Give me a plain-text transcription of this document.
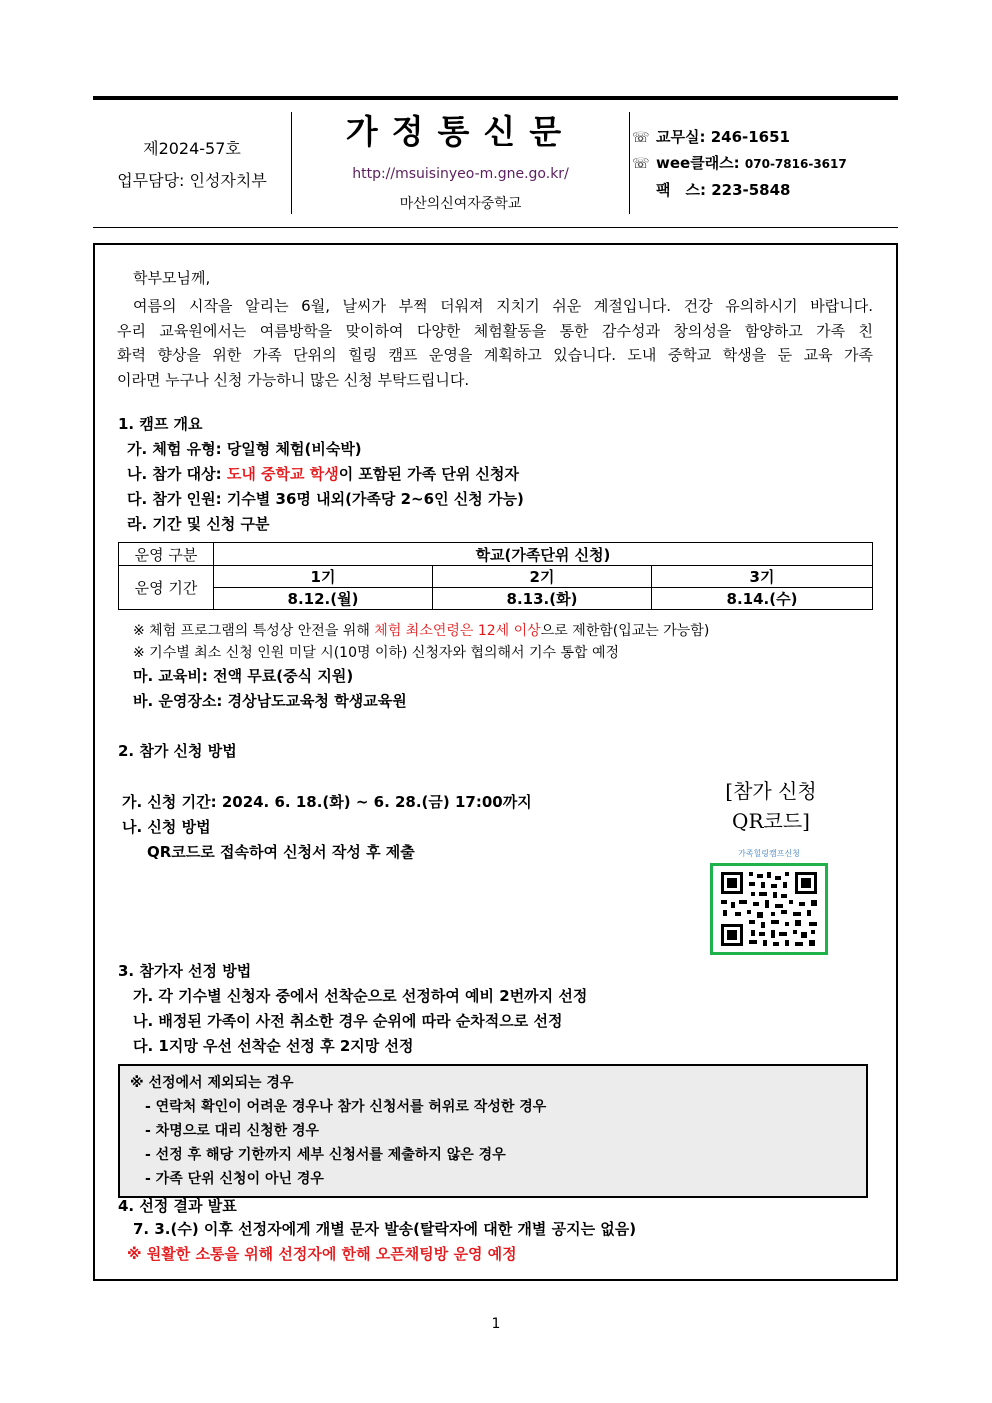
제2024-57호
업무담당: 인성자치부
가정통신문
http://msuisinyeo-m.gne.go.kr/
마산의신여자중학교
☏ 교무실: 246-1651
☏ wee클래스: 070-7816-3617
팩　스: 223-5848
학부모님께,
여름의 시작을 알리는 6월, 날씨가 부쩍 더워져 지치기 쉬운 계절입니다. 건강 유의하시기 바랍니다.
우리 교육원에서는 여름방학을 맞이하여 다양한 체험활동을 통한 감수성과 창의성을 함양하고 가족 친
화력 향상을 위한 가족 단위의 힐링 캠프 운영을 계획하고 있습니다. 도내 중학교 학생을 둔 교육 가족
이라면 누구나 신청 가능하니 많은 신청 부탁드립니다.
1. 캠프 개요
가. 체험 유형: 당일형 체험(비숙박)
나. 참가 대상: 도내 중학교 학생이 포함된 가족 단위 신청자
다. 참가 인원: 기수별 36명 내외(가족당 2~6인 신청 가능)
라. 기간 및 신청 구분
운영 구분	학교(가족단위 신청)		
운영 기간	1기	2기	3기
	8.12.(월)	8.13.(화)	8.14.(수)
※ 체험 프로그램의 특성상 안전을 위해 체험 최소연령은 12세 이상으로 제한함(입교는 가능함)
※ 기수별 최소 신청 인원 미달 시(10명 이하) 신청자와 협의해서 기수 통합 예정
마. 교육비: 전액 무료(중식 지원)
바. 운영장소: 경상남도교육청 학생교육원
2. 참가 신청 방법
가. 신청 기간: 2024. 6. 18.(화) ~ 6. 28.(금) 17:00까지
나. 신청 방법
QR코드로 접속하여 신청서 작성 후 제출
[참가 신청
QR코드]
가족힐링캠프신청
3. 참가자 선정 방법
가. 각 기수별 신청자 중에서 선착순으로 선정하여 예비 2번까지 선정
나. 배정된 가족이 사전 취소한 경우 순위에 따라 순차적으로 선정
다. 1지망 우선 선착순 선정 후 2지망 선정
※ 선정에서 제외되는 경우
- 연락처 확인이 어려운 경우나 참가 신청서를 허위로 작성한 경우
- 차명으로 대리 신청한 경우
- 선정 후 해당 기한까지 세부 신청서를 제출하지 않은 경우
- 가족 단위 신청이 아닌 경우
4. 선정 결과 발표
7. 3.(수) 이후 선정자에게 개별 문자 발송(탈락자에 대한 개별 공지는 없음)
※ 원활한 소통을 위해 선정자에 한해 오픈채팅방 운영 예정
1
